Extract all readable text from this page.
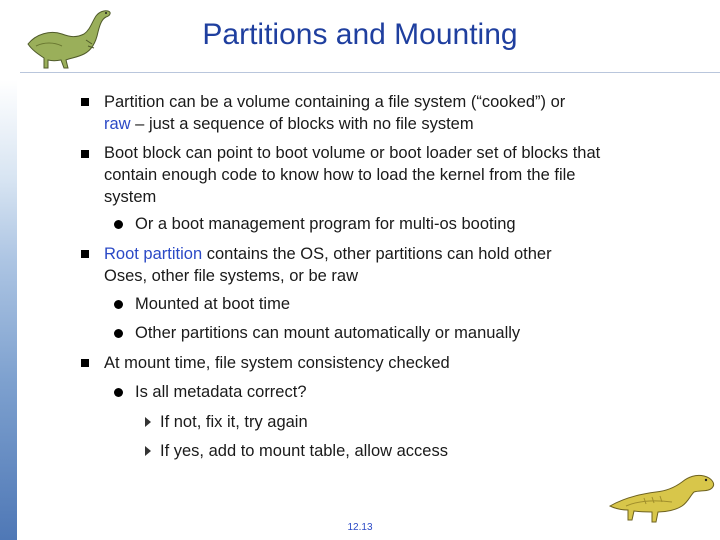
Partitions and Mounting
Partition can be a volume containing a file system (“cooked”) or
raw – just a sequence of blocks with no file system
Boot block can point to boot volume or boot loader set of blocks that
contain enough code to know how to load the kernel from the file
system
Or a boot management program for multi-os booting
Root partition contains the OS, other partitions can hold other
Oses, other file systems, or be raw
Mounted at boot time
Other partitions can mount automatically or manually
At mount time, file system consistency checked
Is all metadata correct?
If not, fix it, try again
If yes, add to mount table, allow access
12.13
